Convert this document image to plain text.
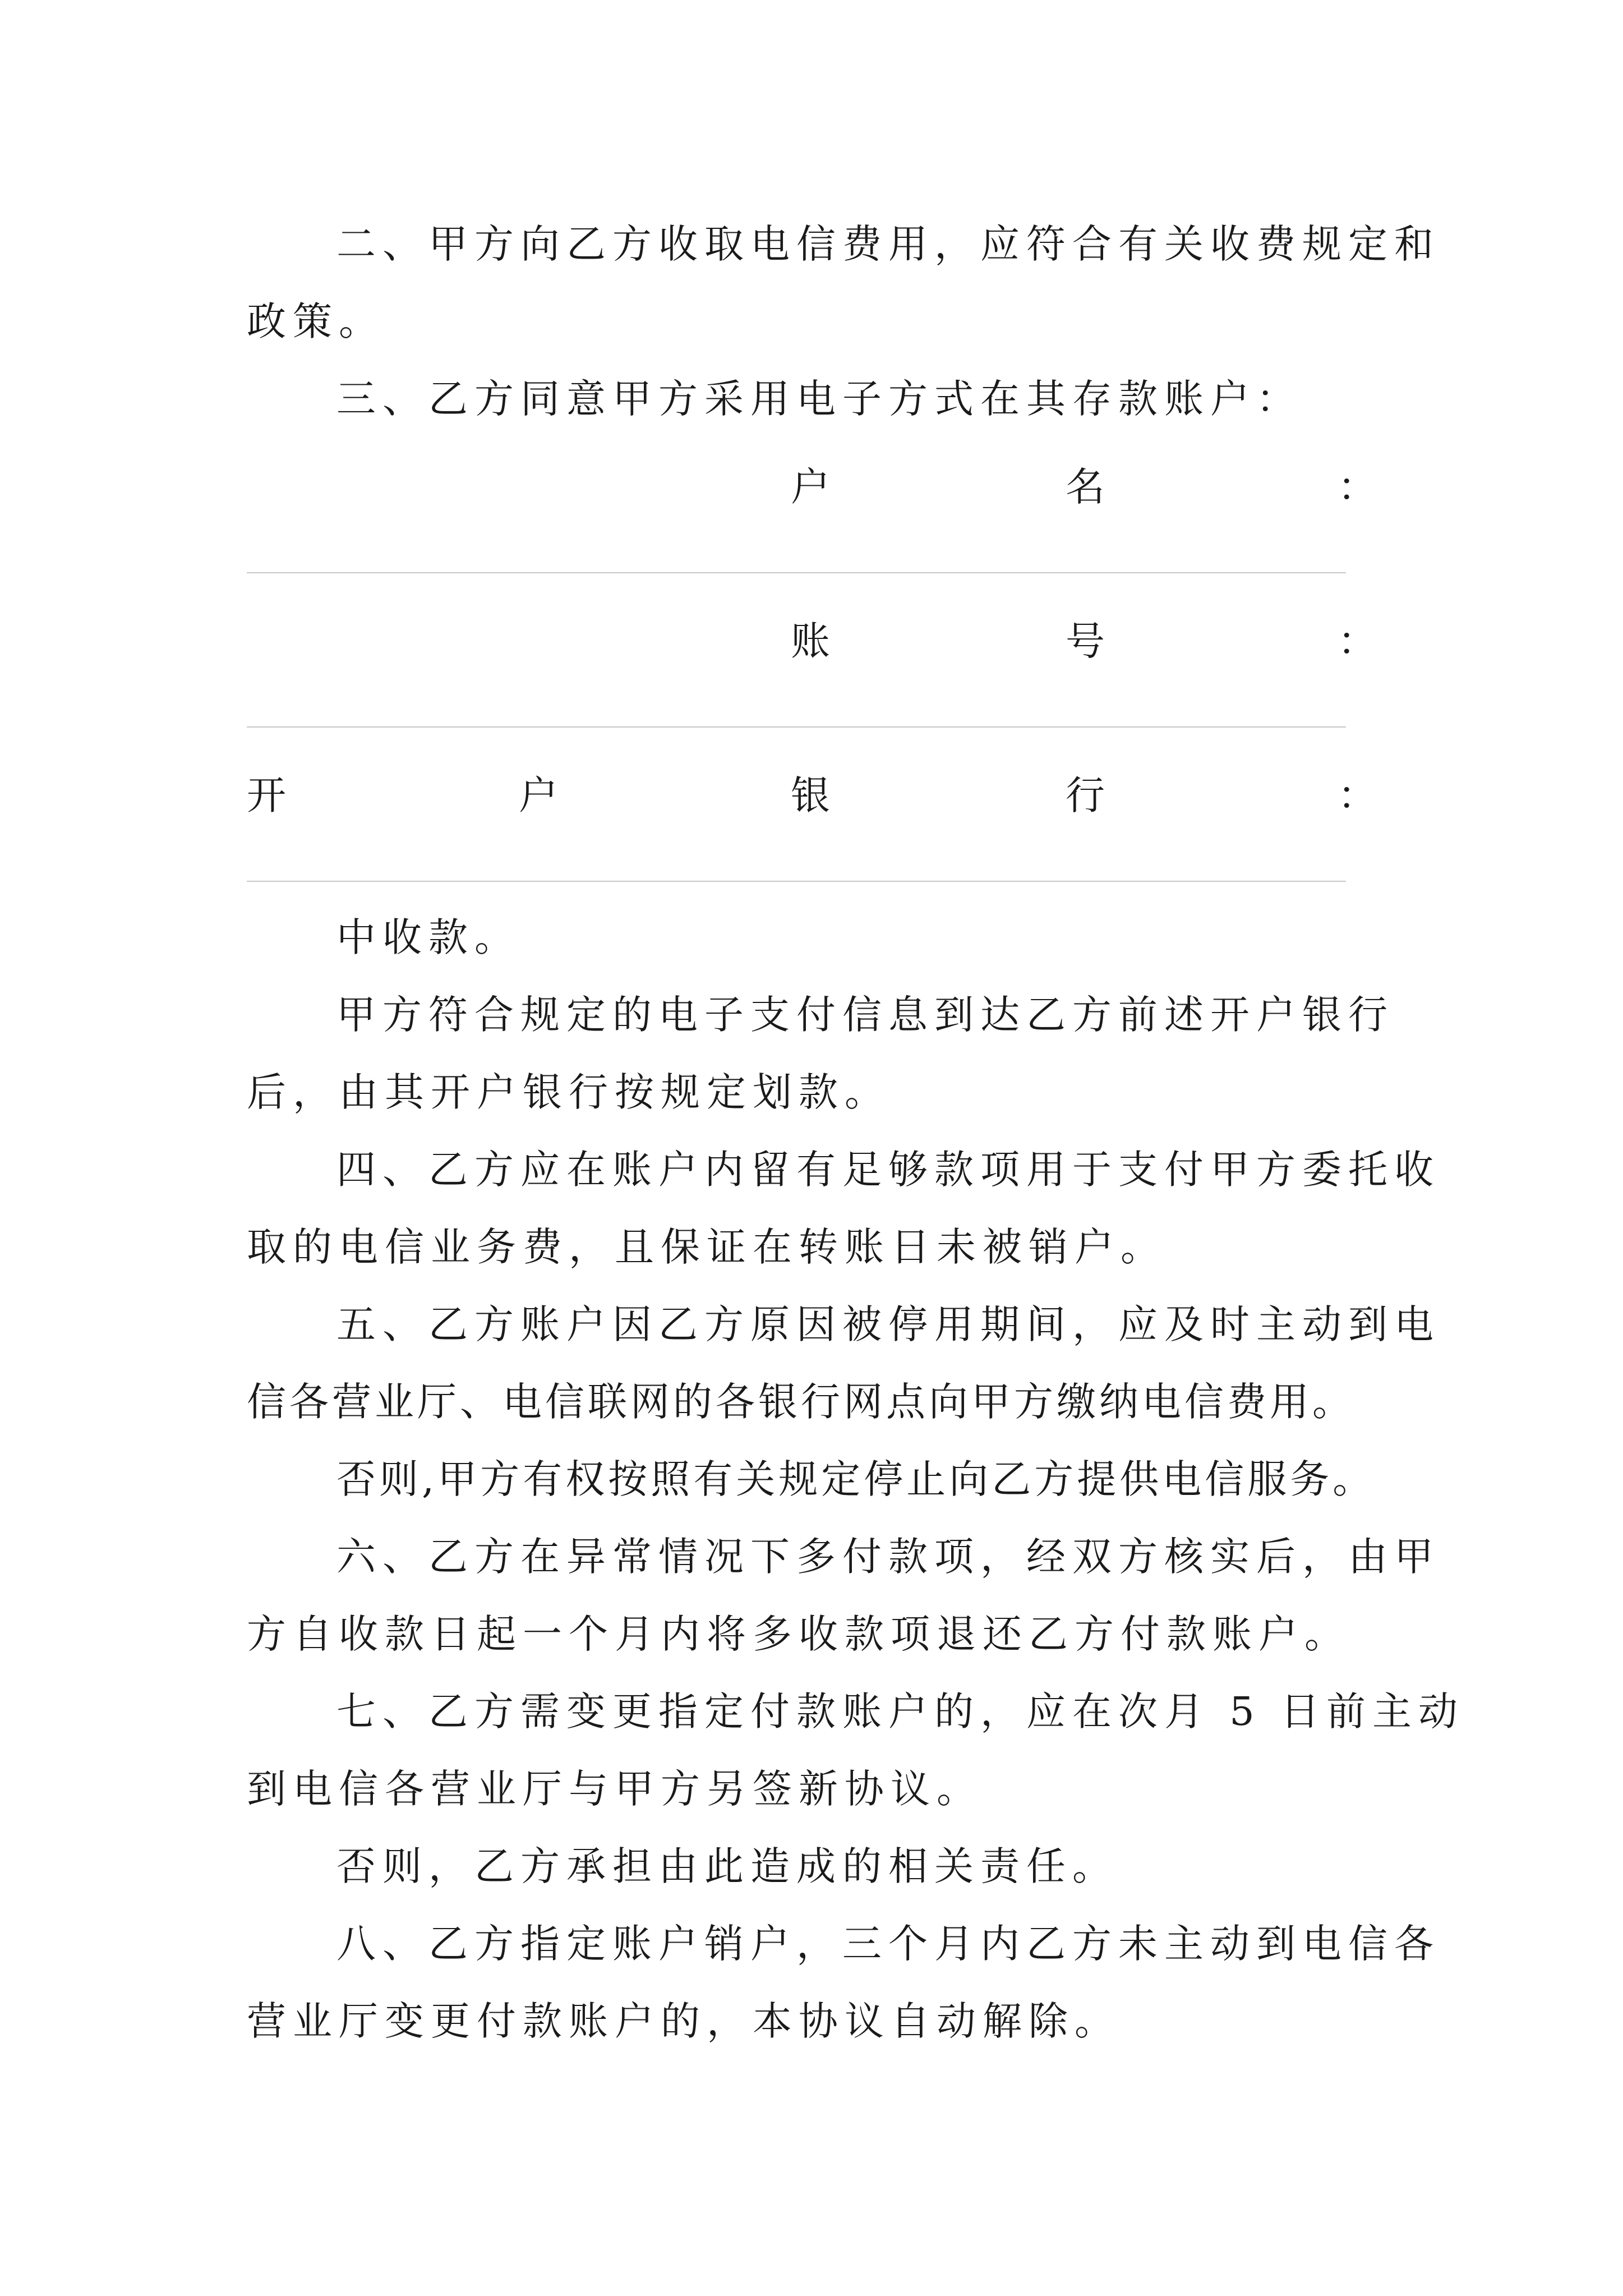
二、甲方向乙方收取电信费用，应符合有关收费规定和
政策。
三、乙方同意甲方采用电子方式在其存款账户：
户	名	：
账	号	：
开	户	银	行	：
中收款。
甲方符合规定的电子支付信息到达乙方前述开户银行
后，由其开户银行按规定划款。
四、乙方应在账户内留有足够款项用于支付甲方委托收
取的电信业务费，且保证在转账日未被销户。
五、乙方账户因乙方原因被停用期间，应及时主动到电
信各营业厅、电信联网的各银行网点向甲方缴纳电信费用。
否则,甲方有权按照有关规定停止向乙方提供电信服务。
六、乙方在异常情况下多付款项，经双方核实后，由甲
方自收款日起一个月内将多收款项退还乙方付款账户。
七、乙方需变更指定付款账户的，应在次月 5 日前主动
到电信各营业厅与甲方另签新协议。
否则，乙方承担由此造成的相关责任。
八、乙方指定账户销户，三个月内乙方未主动到电信各
营业厅变更付款账户的，本协议自动解除。
